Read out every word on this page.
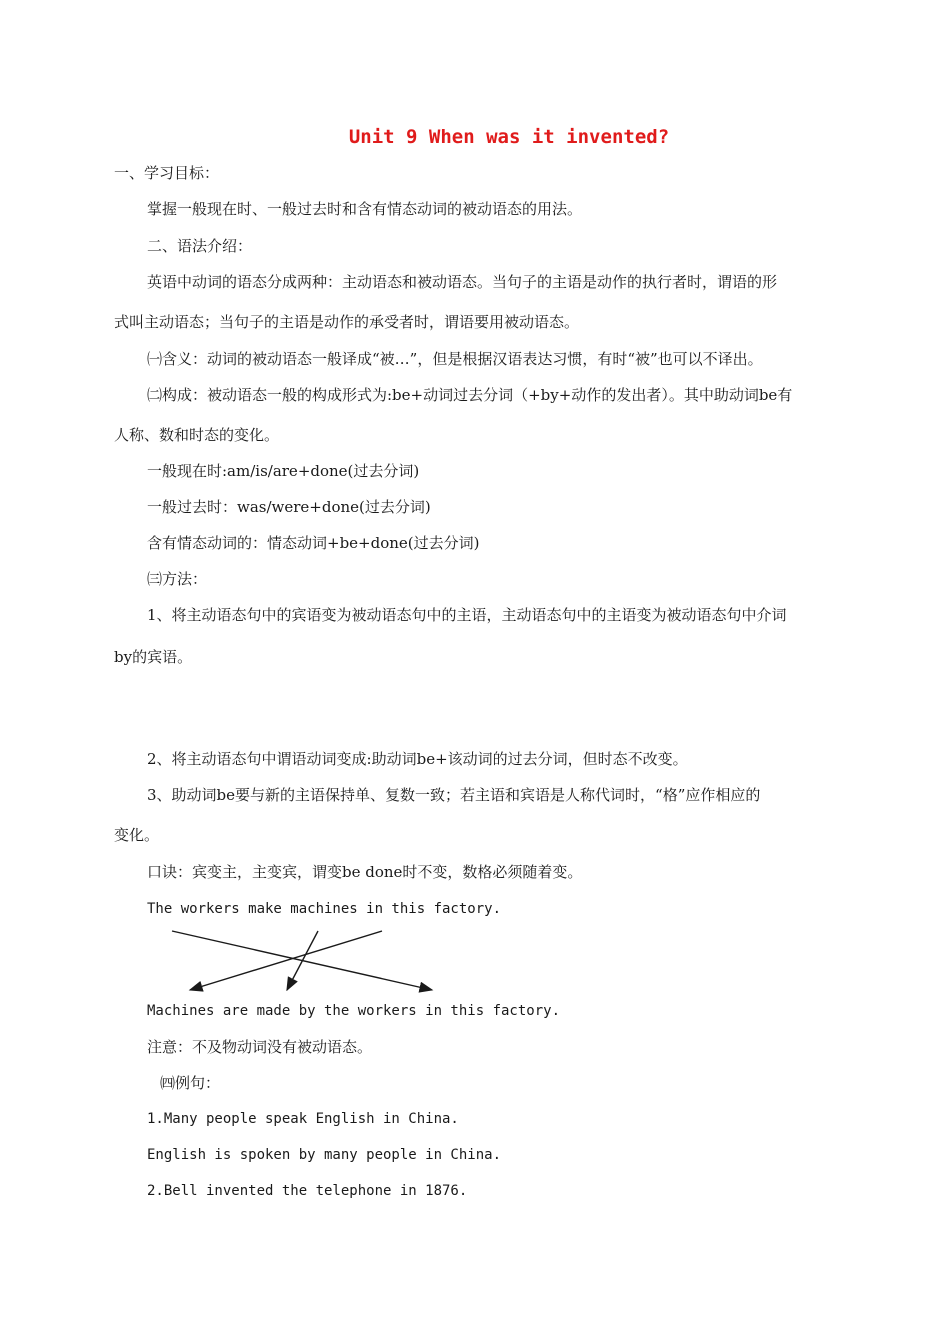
Unit 9 When was it invented?
一、学习目标：
掌握一般现在时、一般过去时和含有情态动词的被动语态的用法。
二、语法介绍：
英语中动词的语态分成两种：主动语态和被动语态。当句子的主语是动作的执行者时，谓语的形
式叫主动语态；当句子的主语是动作的承受者时，谓语要用被动语态。
㈠含义：动词的被动语态一般译成“被…”，但是根据汉语表达习惯，有时“被”也可以不译出。
㈡构成：被动语态一般的构成形式为:be+动词过去分词（+by+动作的发出者）。其中助动词be有
人称、数和时态的变化。
一般现在时:am/is/are+done(过去分词)
一般过去时：was/were+done(过去分词)
含有情态动词的：情态动词+be+done(过去分词)
㈢方法：
1、将主动语态句中的宾语变为被动语态句中的主语，主动语态句中的主语变为被动语态句中介词
by的宾语。
2、将主动语态句中谓语动词变成:助动词be+该动词的过去分词，但时态不改变。
3、助动词be要与新的主语保持单、复数一致；若主语和宾语是人称代词时，“格”应作相应的
变化。
口诀：宾变主，主变宾，谓变be done时不变，数格必须随着变。
The workers make machines in this factory.
Machines are made by the workers in this factory.
注意：不及物动词没有被动语态。
㈣例句：
1.Many people speak English in China.
English is spoken by many people in China.
2.Bell invented the telephone in 1876.
